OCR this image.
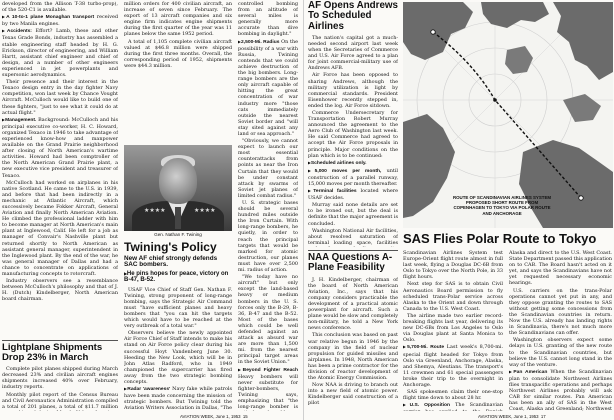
developed from the Allison T-38 turbo-prop), of the 520-C1 is available.

▶ A 10-to-1 plane Monaghan transport received by two Manila engines.

▶ Accidents: Effort? Lamb, these and other Texas Grade Bonds, industry has assembled a stable engineering staff headed by H. G. Erickson, director of engineering, and William Hartt, assistant chief engineer and chief of design, and a number of other engineers experienced in jet powerplants and supersonic aerodynamics.

Their presence and their interest in the Texaco design entry in the day fighter Navy competition, won last week by Chance Vought Aircraft. McCulloch would like to build one of these fighters, "just to see what it could do at actual flight."

▶ Management. Background: McCulloch and his principal executive co-worker, H. C. Howard, organized Texaco in 1946 to take advantage of experienced know-how and manpower available on the Grand Prairie neighborhood after closing of North American's wartime activities. Howard had been comptroller of the North American Grand Prairie plant, a new executive vice president and treasurer of Texaco.

McCulloch had worked on airplanes in his native Scotland. He came to the U.S. in 1939, and before that had been indirectly in a mechanic at Atlantic Aircraft, which successively became Fokker Aircraft, General Aviation and finally North American Aviation. He climbed the professional ladder with him to become manager at North American's main plant at Inglewood, Calif. He left for a job as manager of Convair's Nashville plant but returned shortly to North American as assistant general manager, superintendent in the Inglewood plant. By the end of the war, he was general manager of Dallas and had a chance to concentrate on applications of manufacturing concepts to rotorcraft.

Industry observers see a resemblance between McCulloch's philosophy and that of J. H. (Dutch) Kindelberger, North American board chairman.

Lightplane Shipments Drop 23% in March

Complete pilot planes shipped during March decreased 23% and civilian aircraft engines shipments increased 40% over February, industry reports.

Monthly pilot report of the Census Bureau and Civil Aeronautics Administration compiled a total of 201 planes, a total of $11.7 million

million orders for 400 civilian aircraft, an increase of seven since February. The export of 13 aircraft companies and six engine firm indicates engine shipments during the first quarter of the year was 11 planes below the same 1952 period.

A total of 1,105 complete civilian aircraft valued at $46.8 million were shipped during the first three months. Overall, the corresponding period of 1952, shipments were $44.3 million.

★★★★	★★★★
Gen. Nathan F. Twining
Twining's Policy
New AF chief strongly defends SAC bombers.
▶ He pins hopes for peace, victory on B-47, B-52.

USAF Vice Chief of Staff Gen. Nathan F. Twining, strong proponent of long-range bombing, says the Strategic Air Command must "have sufficient planes and heavy bombers that "you can hit the targets which would have to be reached at the very outbreak of a total war."

Observers believe the newly appointed Air Force Chief of Staff intends to make his stand on Air Force policy clear during his successful Hoyt Vandenberg June 30. Heeding the New Look, which will be in John Atlas Radford, who in 1949 championed the supercarrier has fired away from the two strategic bombing concepts.

▶ Radar 'awareness' Navy fake while patrols have been made concerning the mission of strategic bombers. But Twining told the Aviation Writers Association in Dallas, "The

controlled bombing from an altitude of several miles is generally more accurate than dive bombing in daylight."

▶ 2,500-Mi. Radius On the possibility of a war with Russia, Twining contends that we could achieve destruction of the big bombers. Long-range bombers are the only aircraft capable of hitting the great concentration of war industry more "those cats immediately outside the nearest Soviet border and "will stay sited against any land or sea approach."

"Obviously, we cannot expect to launch our most essential counterattacks from points as near the Iron Curtain that they would be under constant attack by swarms of Soviet jet planes of limited combat radius."

U. S. strategic bases should be several hundred miles outside the Iron Curtain. With long-range bombers, he quietly, in order to reach the principal targets that would be marked for atomic destruction, our planes must have over 2,500 mi. radius of action.

"We today have no aircraft" but only except the land-based heavy or medium bombers in the U. S. forces only the B-29, B-36, B-47 and the B-52. Most of the bases which could be well defended against an attack as absurd war are more than 1,500 mi. from the nearest principal target areas in the Soviet Union."

▶ Beyond Fighter Reach Heavy bombers will never substitute for fighter-bombers, Twining says, emphasizing that "the long-range bomber is

AF Opens Andrews To Scheduled Airlines

The nation's capital got a much-needed second airport last week when the Secretaries of Commerce and U.S. Air Force agreed to a plan for joint commercial-military use of Andrews AFB.

Air Force has been opposed to sharing Andrews, although the military utilization is light by commercial standards. President Eisenhower recently stepped in, ended the log. Air Force sitdown.

Commerce Undersecretary for Transportation Robert Murray announced the agreement to the Aero Club of Washington last week. He said Commerce had agreed to accept the Air Force proposals in principle. Major conditions on the plan which is to be continued:

▶ Scheduled airlines only.

▶ 5,000 moves per month, until construction of a parallel runway, 15,000 moves per month thereafter.

▶ Terminal facilities located where USAF decides.

Murray said none details are set to be ironed out, but the deal is definite that the major agreement is concluded.

Washington National Air facilities, about resolved saturation of terminal loading space, facilities

NAA Questions A-Plane Feasibility

J. H. Kindelberger, chairman of the board of North American Aviation, Inc., says that his company considers practicable the development of a practical atomic powerplant for aircraft. Such a plane would be slow and completely non-military, he told a New York news conference.

This conclusion was based on past war relative begun in 1946 by the company in the field of nuclear propulsion for guided missiles and airplanes. In 1948, North American has been a prime contractor for the division of reactor development of the Atomic Energy Commission.

Now NAA is driving to branch out into a new field of atomic power. Kindelberger said construction of a pilot

ROUTE OF SCANDINAVIAN AIRLINES SYSTEM PROPOSED SHORT ROUTE FROM COPENHAGEN TO TOKYO VIA POLAR ROUTE AND ANCHORAGE
SAS Flies Polar Route to Tokyo

Scandinavian Airlines System test Europe-Orient flight route almost in full last week, flying a Douglas DC-6B from Oslo to Tokyo over the North Pole, in 33 flight hours.

Next step for SAS is to obtain Civil Aeronautics Board permission to fly scheduled trans-Polar service across Alaska to the Orient and down through Canada to the U.S. West Coast.

The airline made two earlier record-breaking flights last year, delivering its new DC-6Bs from Los Angeles to Oslo via Douglas plant at Santa Monica to Oslo.

▶ 5,700-Mi. Route Last week's 8,700-mi. special flight headed for Tokyo from Oslo via Greenland, Anchorage, Alaska, and Shemya, Aleutians. The transport's 11 crewmen and 61 special passengers broke their trip to the overnight in Anchorage.

SAS spokesmen claim their one-stop flight time down to about 28 hr.

▶ U.S. Opposition The Scandinavian

Alaska and direct to the U.S. West Coast. State Department passed this application on to CAB. The Board hasn't acted on it yet, and says the Scandinavians have not yet requested necessary economic hearings.

U.S. carriers on the trans-Polar operations cannot yet put in any, and they oppose granting the routes to SAS without getting some concessions from the Scandinavian countries in return. Now the U.S. already has landing rights in Scandinavia, there's not much more the Scandinavians can offer.

Washington observers expect some delays in U.S. granting of the new route to the Scandinavian countries, but believe the U.S. cannot long stand in the way of the venture.

▶ Pan American When the Scandinavian plan to consolidate Northwest Airlines flies transpacific operations and perhaps Northwest Airlines probably will ask CAB for similar routes. Pan American has been an ally of SAS in the West Coast, Alaska and Greenland; Northwest

AVIATION WEEK, June 1, 1953 15	AVIATION WEEK, June 1, 1953 17
